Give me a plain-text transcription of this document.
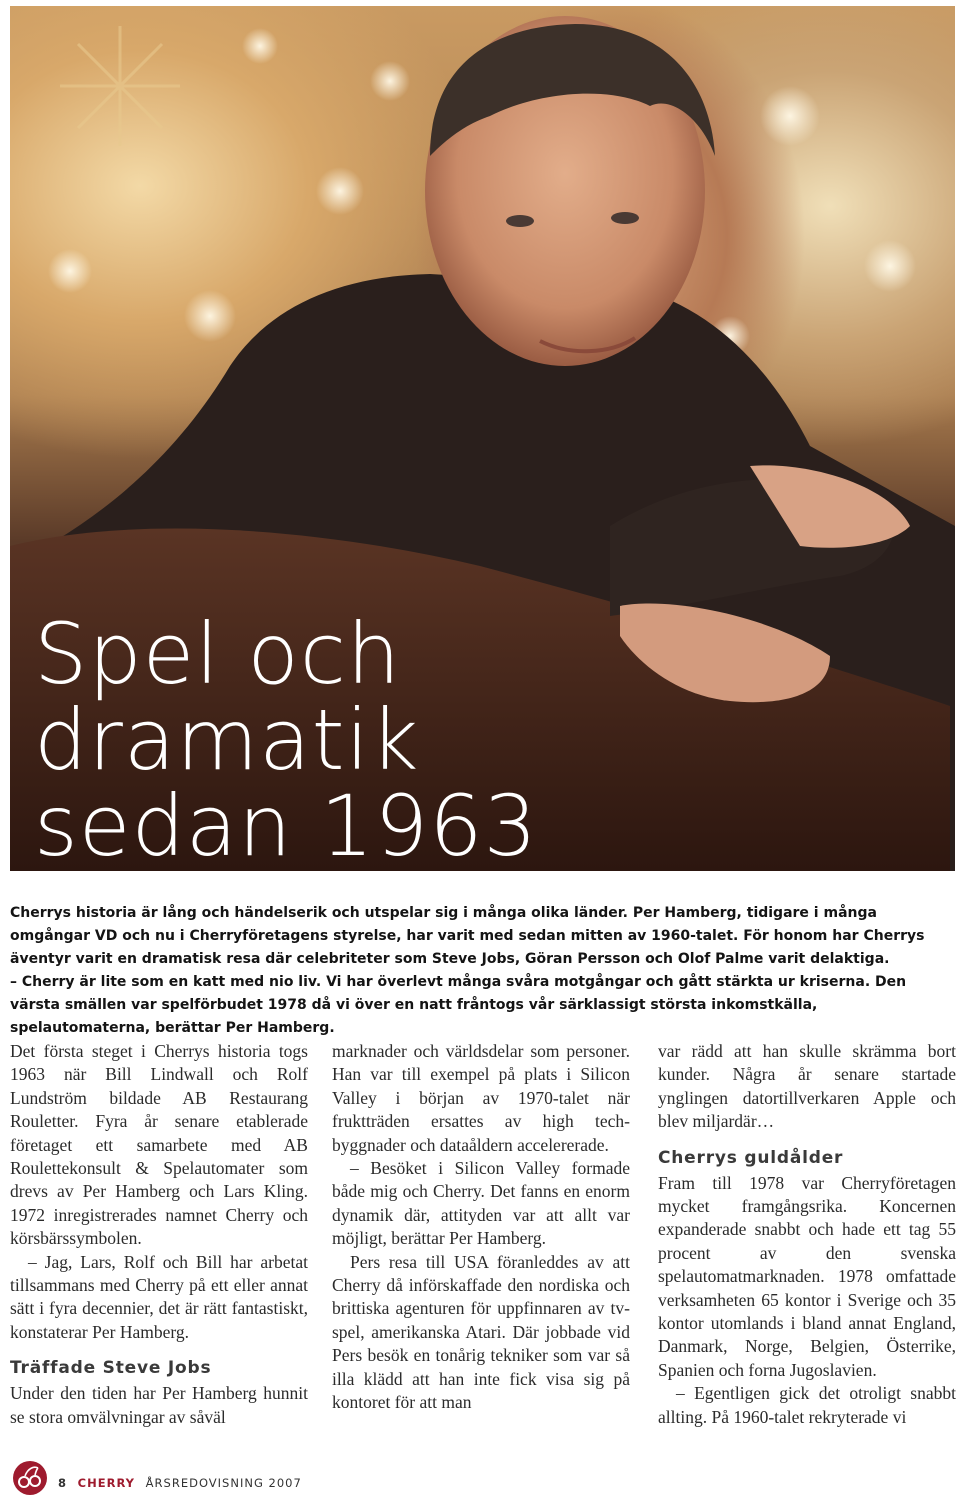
Spel och
dramatik
sedan 1963
Cherrys historia är lång och händelserik och utspelar sig i många olika länder. Per Hamberg, tidigare i många omgångar VD och nu i Cherryföretagens styrelse, har varit med sedan mitten av 1960-talet. För honom har Cherrys äventyr varit en dramatisk resa där celebriteter som Steve Jobs, Göran Persson och Olof Palme varit delaktiga.
– Cherry är lite som en katt med nio liv. Vi har överlevt många svåra motgångar och gått stärkta ur kriserna. Den värsta smällen var spelförbudet 1978 då vi över en natt fråntogs vår särklassigt största inkomstkälla, spelautomaterna, berättar Per Hamberg.

Det första steget i Cherrys historia togs 1963 när Bill Lindwall och Rolf Lundström bildade AB Restaurang Rouletter. Fyra år senare etablerade företaget ett samarbete med AB Roulettekonsult & Spelautomater som drevs av Per Hamberg och Lars Kling. 1972 inregistrerades namnet Cherry och körsbärssymbolen.

– Jag, Lars, Rolf och Bill har arbetat tillsammans med Cherry på ett eller annat sätt i fyra decennier, det är rätt fantastiskt, konstaterar Per Hamberg.

Träffade Steve Jobs

Under den tiden har Per Hamberg hunnit se stora omvälvningar av såväl

marknader och världsdelar som personer. Han var till exempel på plats i Silicon Valley i början av 1970-talet när fruktträden ersattes av high tech-byggnader och dataåldern accelererade.

– Besöket i Silicon Valley formade både mig och Cherry. Det fanns en enorm dynamik där, attityden var att allt var möjligt, berättar Per Hamberg.

Pers resa till USA föranleddes av att Cherry då införskaffade den nordiska och brittiska agenturen för uppfinnaren av tv-spel, amerikanska Atari. Där jobbade vid Pers besök en tonårig tekniker som var så illa klädd att han inte fick visa sig på kontoret för att man

var rädd att han skulle skrämma bort kunder. Några år senare startade ynglingen datortillverkaren Apple och blev miljardär…

Cherrys guldålder

Fram till 1978 var Cherryföretagen mycket framgångsrika. Koncernen expanderade snabbt och hade ett tag 55 procent av den svenska spelautomatmarknaden. 1978 omfattade verksamheten 65 kontor i Sverige och 35 kontor utomlands i bland annat England, Danmark, Norge, Belgien, Österrike, Spanien och forna Jugoslavien.

– Egentligen gick det otroligt snabbt allting. På 1960-talet rekryterade vi

8 CHERRY ÅRSREDOVISNING 2007
